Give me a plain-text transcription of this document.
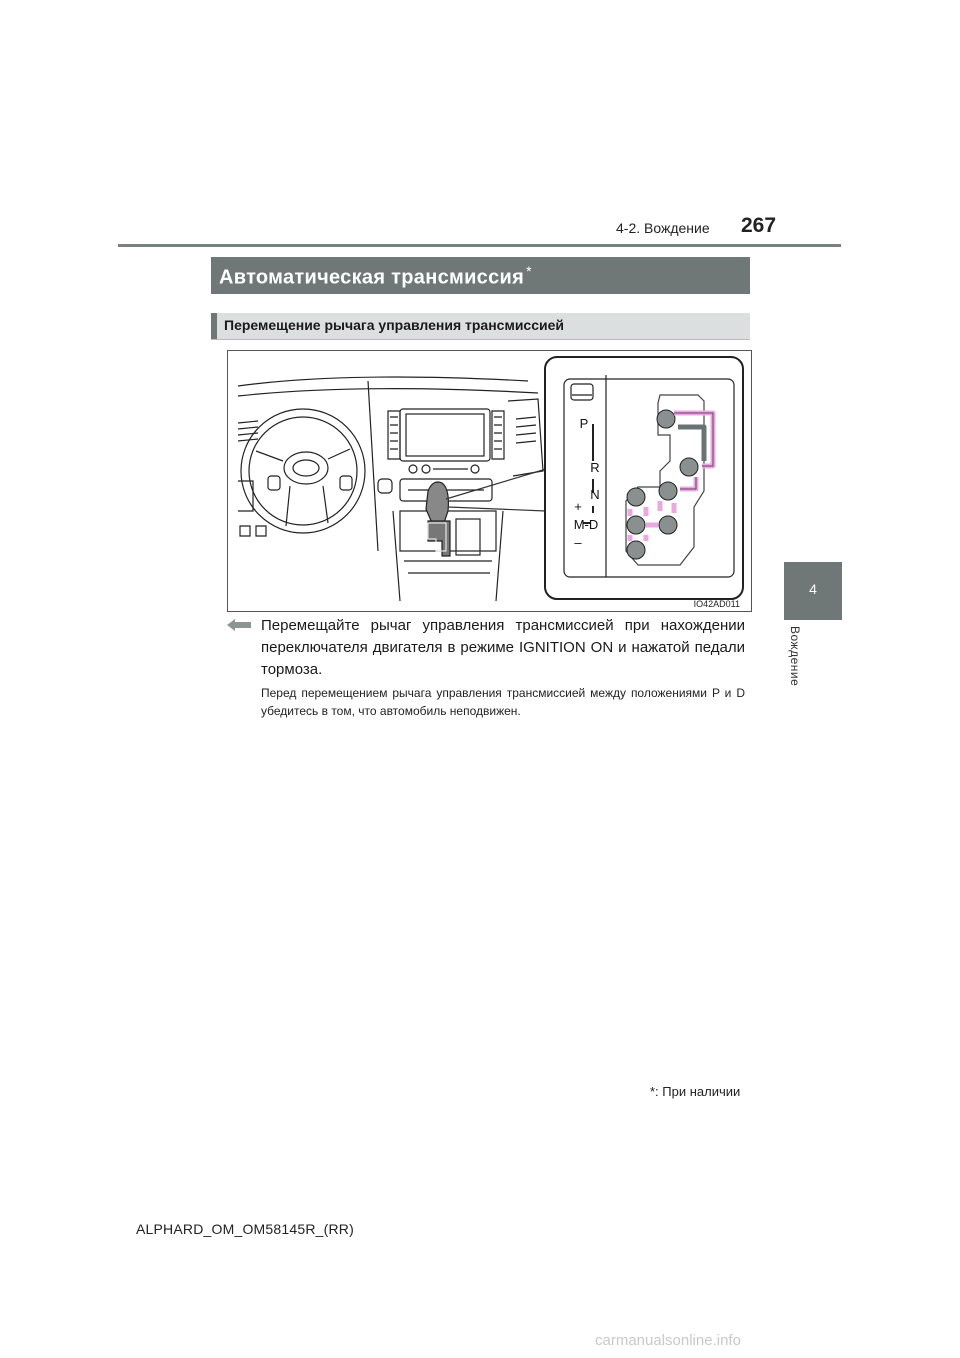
4-2. Вождение 267
4
Вождение
Автоматическая трансмиссия *
Перемещение рычага управления трансмиссией
P
R
N
+
M-D
–
IO42AD011
Перемещайте рычаг управления трансмиссией при нахождении переключателя двигателя в режиме IGNITION ON и нажатой педали тормоза.
Перед перемещением рычага управления трансмиссией между положениями P и D убедитесь в том, что автомобиль неподвижен.
*: При наличии
ALPHARD_OM_OM58145R_(RR)
carmanualsonline.info
